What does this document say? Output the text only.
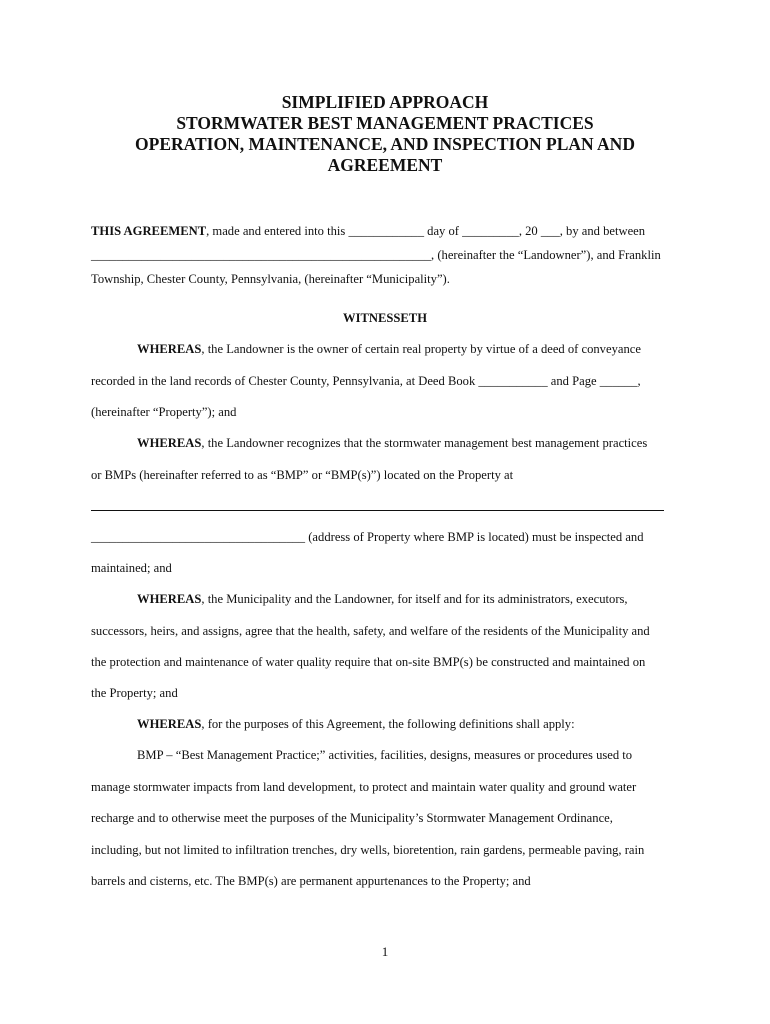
SIMPLIFIED APPROACH
STORMWATER BEST MANAGEMENT PRACTICES
OPERATION, MAINTENANCE, AND INSPECTION PLAN AND
AGREEMENT
THIS AGREEMENT, made and entered into this ____________ day of _________, 20 ___, by and between
______________________________________________________, (hereinafter the “Landowner”), and Franklin
Township, Chester County, Pennsylvania, (hereinafter “Municipality”).
WITNESSETH
WHEREAS, the Landowner is the owner of certain real property by virtue of a deed of conveyance
recorded in the land records of Chester County, Pennsylvania, at Deed Book ___________ and Page ______,
(hereinafter “Property”); and
WHEREAS, the Landowner recognizes that the stormwater management best management practices
or BMPs (hereinafter referred to as “BMP” or “BMP(s)”) located on the Property at
__________________________________ (address of Property where BMP is located) must be inspected and
maintained; and
WHEREAS, the Municipality and the Landowner, for itself and for its administrators, executors,
successors, heirs, and assigns, agree that the health, safety, and welfare of the residents of the Municipality and
the protection and maintenance of water quality require that on-site BMP(s) be constructed and maintained on
the Property; and
WHEREAS, for the purposes of this Agreement, the following definitions shall apply:
BMP – “Best Management Practice;” activities, facilities, designs, measures or procedures used to
manage stormwater impacts from land development, to protect and maintain water quality and ground water
recharge and to otherwise meet the purposes of the Municipality’s Stormwater Management Ordinance,
including, but not limited to infiltration trenches, dry wells, bioretention, rain gardens, permeable paving, rain
barrels and cisterns, etc. The BMP(s) are permanent appurtenances to the Property; and
1
